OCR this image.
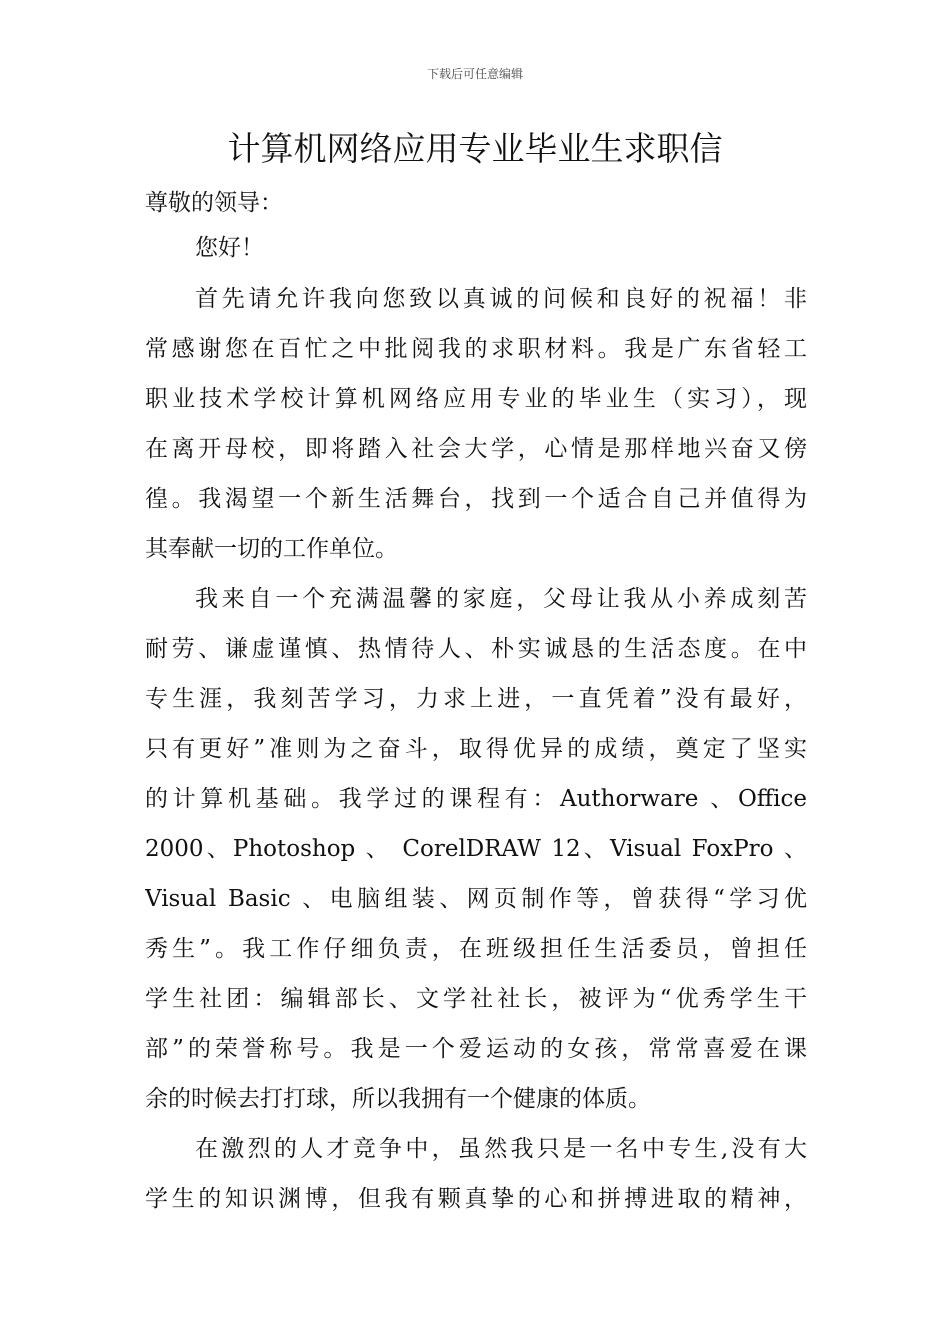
下载后可任意编辑
计算机网络应用专业毕业生求职信
尊敬的领导：
您好！
首先请允许我向您致以真诚的问候和良好的祝福！非
常感谢您在百忙之中批阅我的求职材料。我是广东省轻工
职业技术学校计算机网络应用专业的毕业生（实习），现
在离开母校，即将踏入社会大学，心情是那样地兴奋又傍
徨。我渴望一个新生活舞台，找到一个适合自己并值得为
其奉献一切的工作单位。
我来自一个充满温馨的家庭，父母让我从小养成刻苦
耐劳、谦虚谨慎、热情待人、朴实诚恳的生活态度。在中
专生涯，我刻苦学习，力求上进，一直凭着”没有最好，
只有更好”准则为之奋斗，取得优异的成绩，奠定了坚实
的计算机基础。我学过的课程有：Authorware 、Office
2000、Photoshop 、 CorelDRAW 12、Visual FoxPro 、
Visual Basic 、电脑组装、网页制作等，曾获得“学习优
秀生”。我工作仔细负责，在班级担任生活委员，曾担任
学生社团：编辑部长、文学社社长，被评为“优秀学生干
部”的荣誉称号。我是一个爱运动的女孩，常常喜爱在课
余的时候去打打球，所以我拥有一个健康的体质。
在激烈的人才竞争中，虽然我只是一名中专生,没有大
学生的知识渊博，但我有颗真挚的心和拼搏进取的精神，
